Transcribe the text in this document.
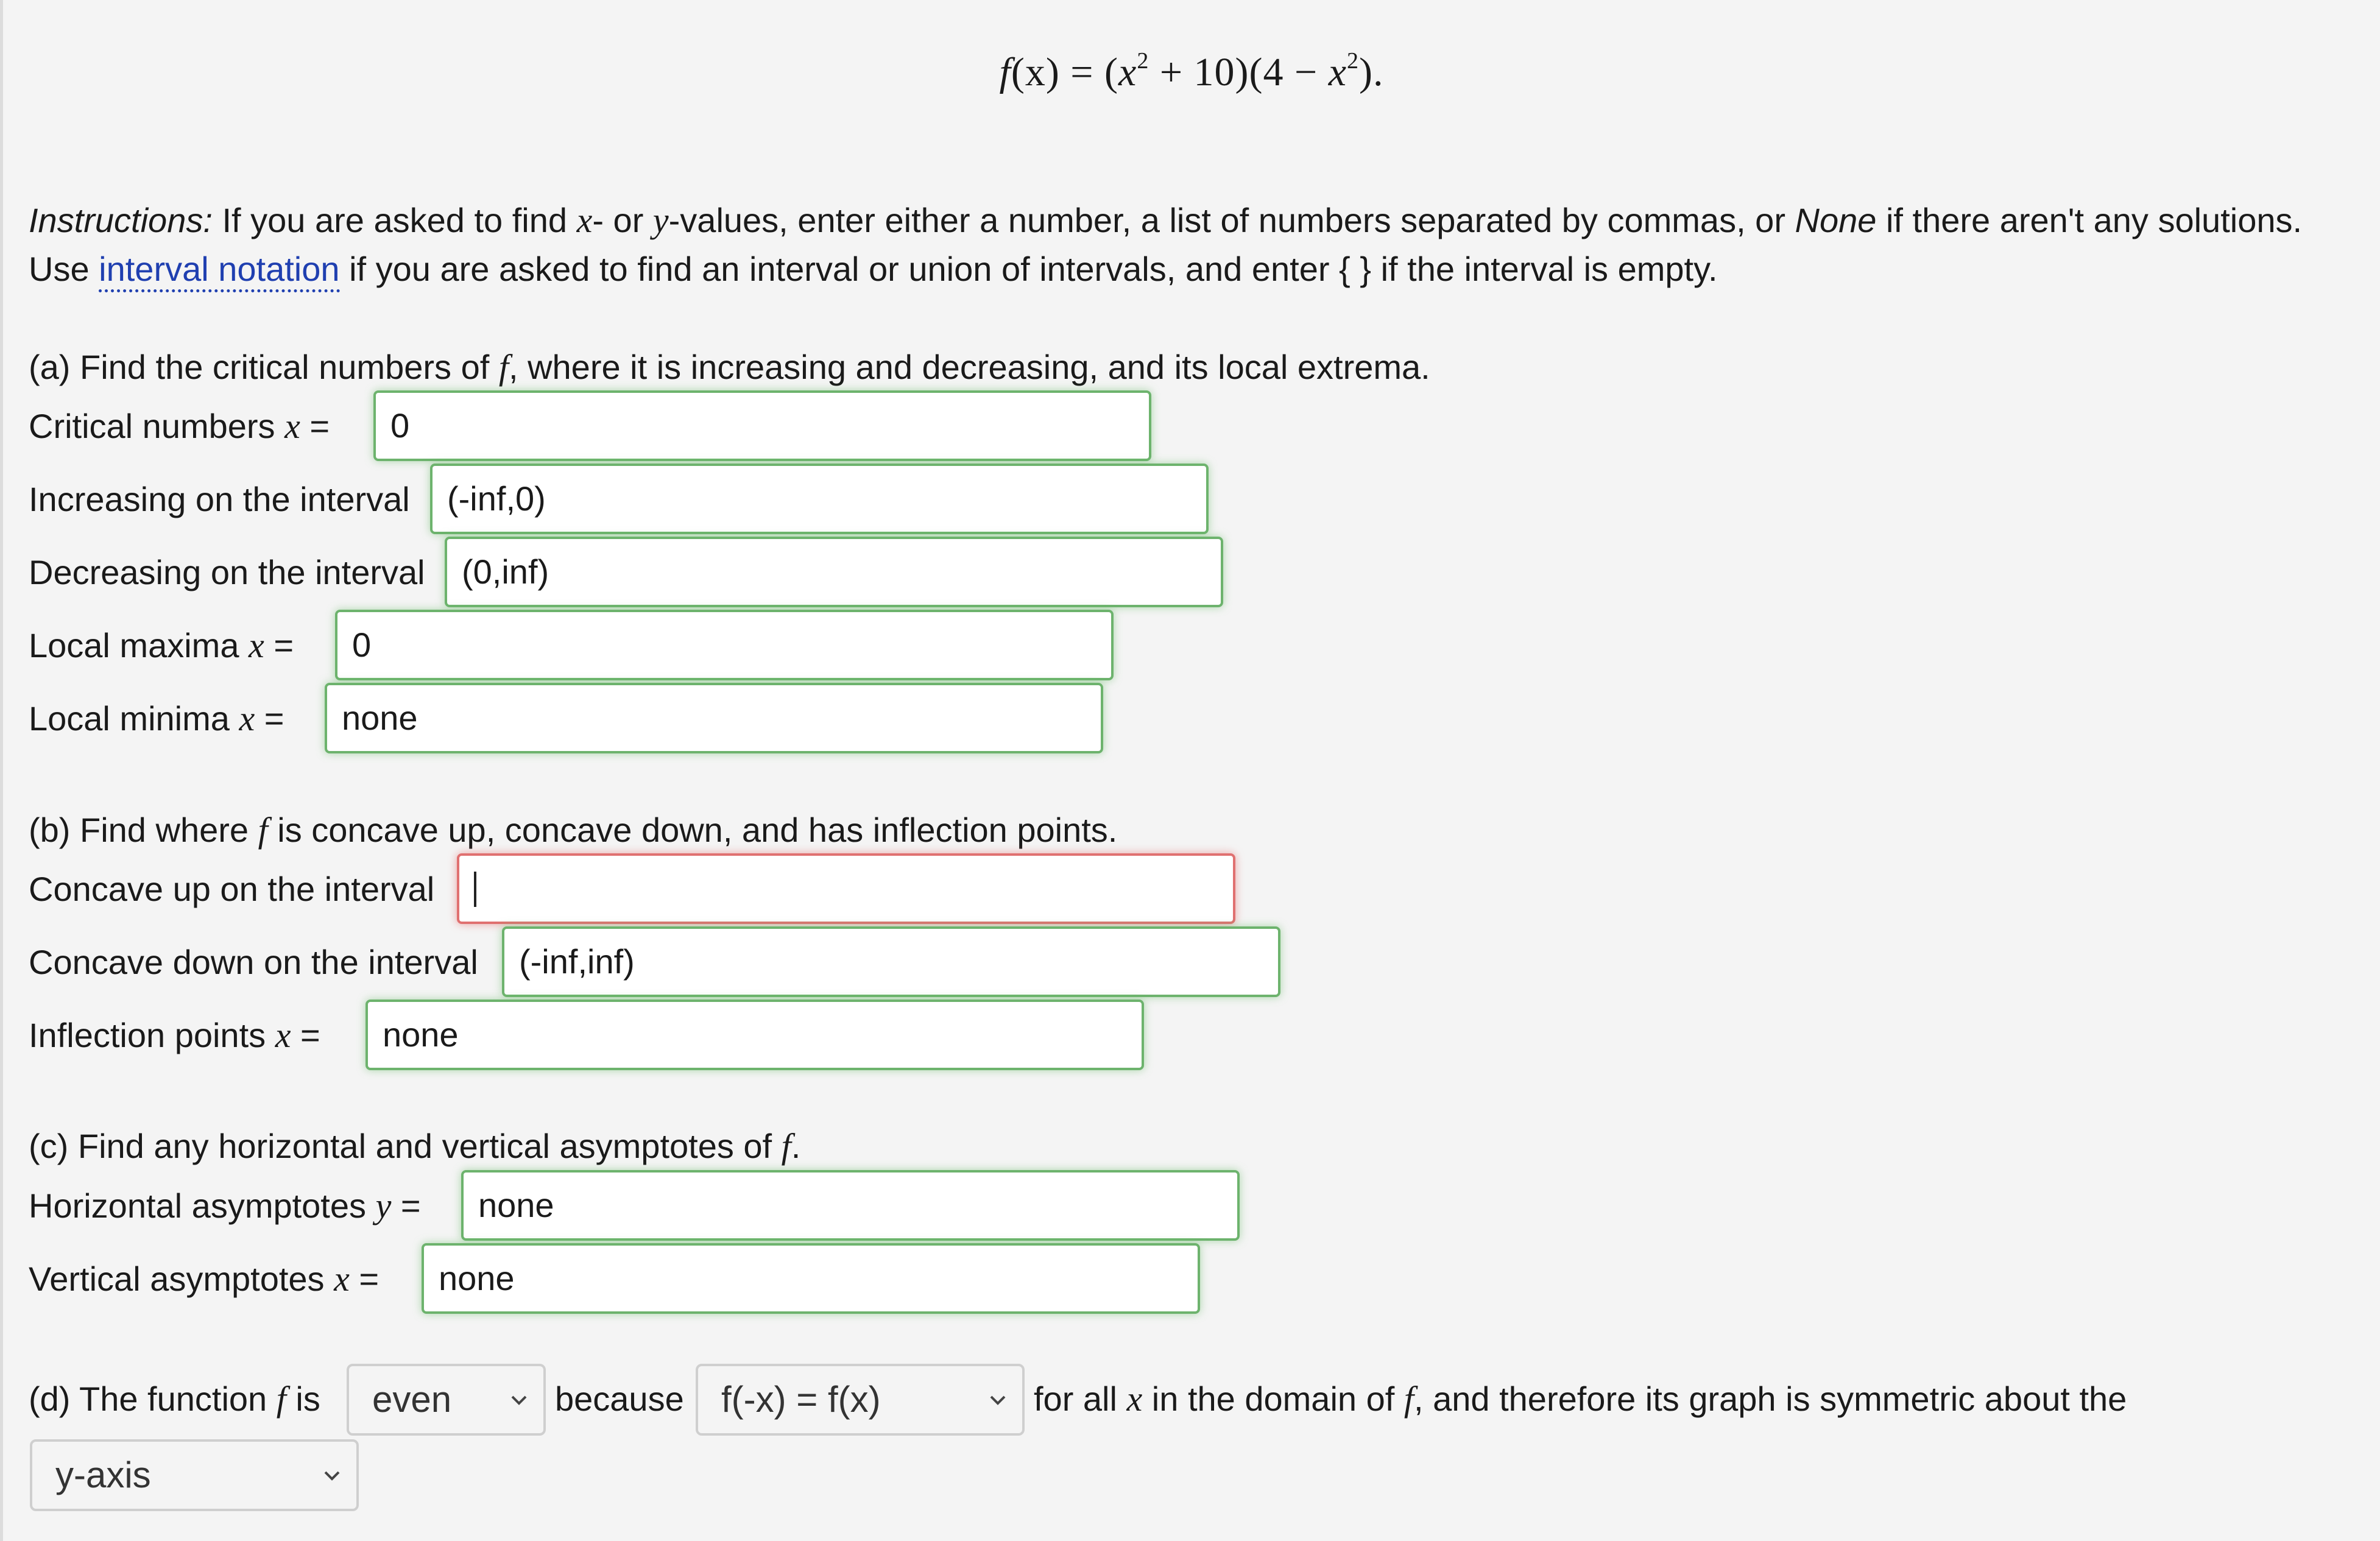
$f(x) = (x^2 + 10)(4 - x^2)$.
Instructions: If you are asked to find x- or y-values, enter either a number, a list of numbers separated by commas, or None if there aren't any solutions.
Use interval notation if you are asked to find an interval or union of intervals, and enter { } if the interval is empty.
(a) Find the critical numbers of f, where it is increasing and decreasing, and its local extrema.
Critical numbers x =	0
Increasing on the interval	(-inf,0)
Decreasing on the interval	(0,inf)
Local maxima x =	0
Local minima x =	none
(b) Find where f is concave up, concave down, and has inflection points.
Concave up on the interval
Concave down on the interval	(-inf,inf)
Inflection points x =	none
(c) Find any horizontal and vertical asymptotes of f.
Horizontal asymptotes y =	none
Vertical asymptotes x =	none
(d) The function f is	even	because	f(-x) = f(x)	for all x in the domain of f, and therefore its graph is symmetric about the
y-axis
